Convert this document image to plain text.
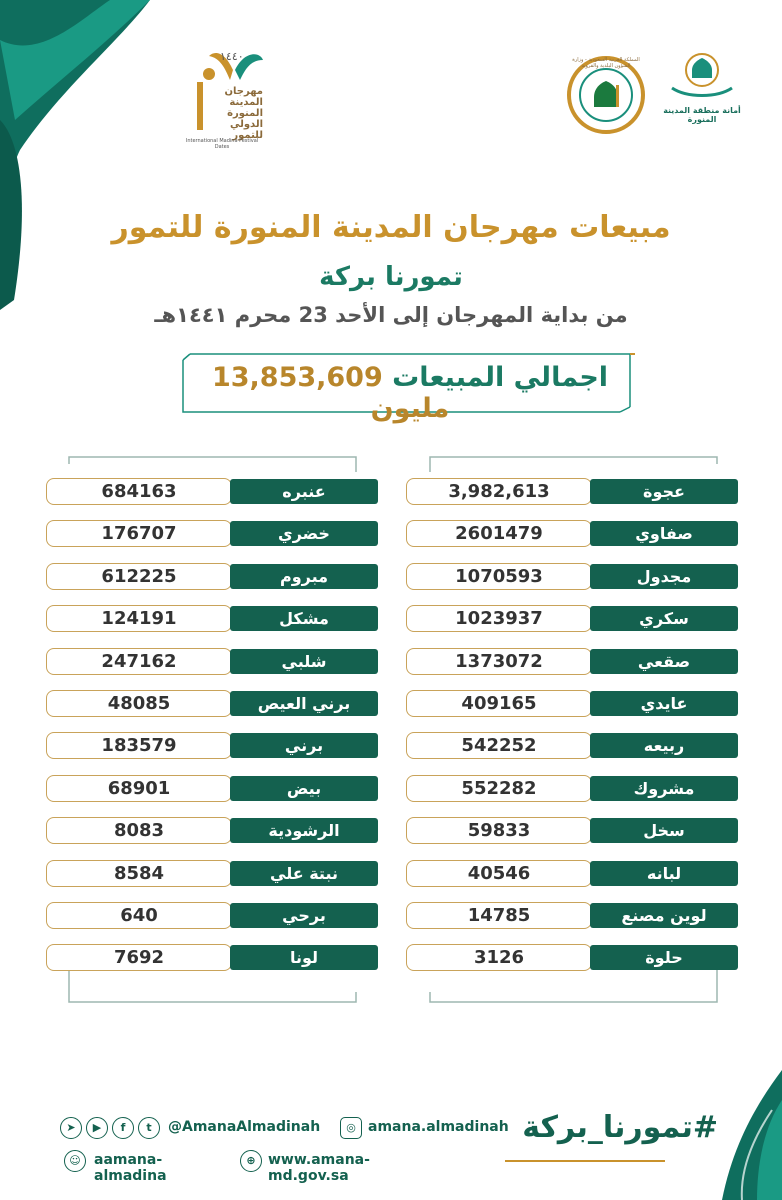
١٤٤٠
مهرجان المدينة المنورة الدولي للتمور
International Madina Festival Dates
المملكة العربية السعودية - وزارة الشؤون البلدية والقروية
أمانة منطقة المدينة المنورة
مبيعات مهرجان المدينة المنورة للتمور
تمورنا بركة
من بداية المهرجان إلى الأحد 23 محرم ١٤٤١هـ
اجمالي المبيعات 13,853,609 مليون
684163	عنبره
176707	خضري
612225	مبروم
124191	مشكل
247162	شلبي
48085	برني العيص
183579	برني
68901	بيض
8083	الرشودية
8584	نبتة علي
640	برحي
7692	لونا
3,982,613	عجوة
2601479	صفاوي
1070593	مجدول
1023937	سكري
1373072	صقعي
409165	عايدي
542252	ربيعه
552282	مشروك
59833	سخل
40546	لبانه
14785	لوين مصنع
3126	حلوة
#تمورنا_بركة
➤	▶	f	t	@AmanaAlmadinah	◎ amana.almadinah
☺ aamana-almadina
⊕ www.amana-md.gov.sa
